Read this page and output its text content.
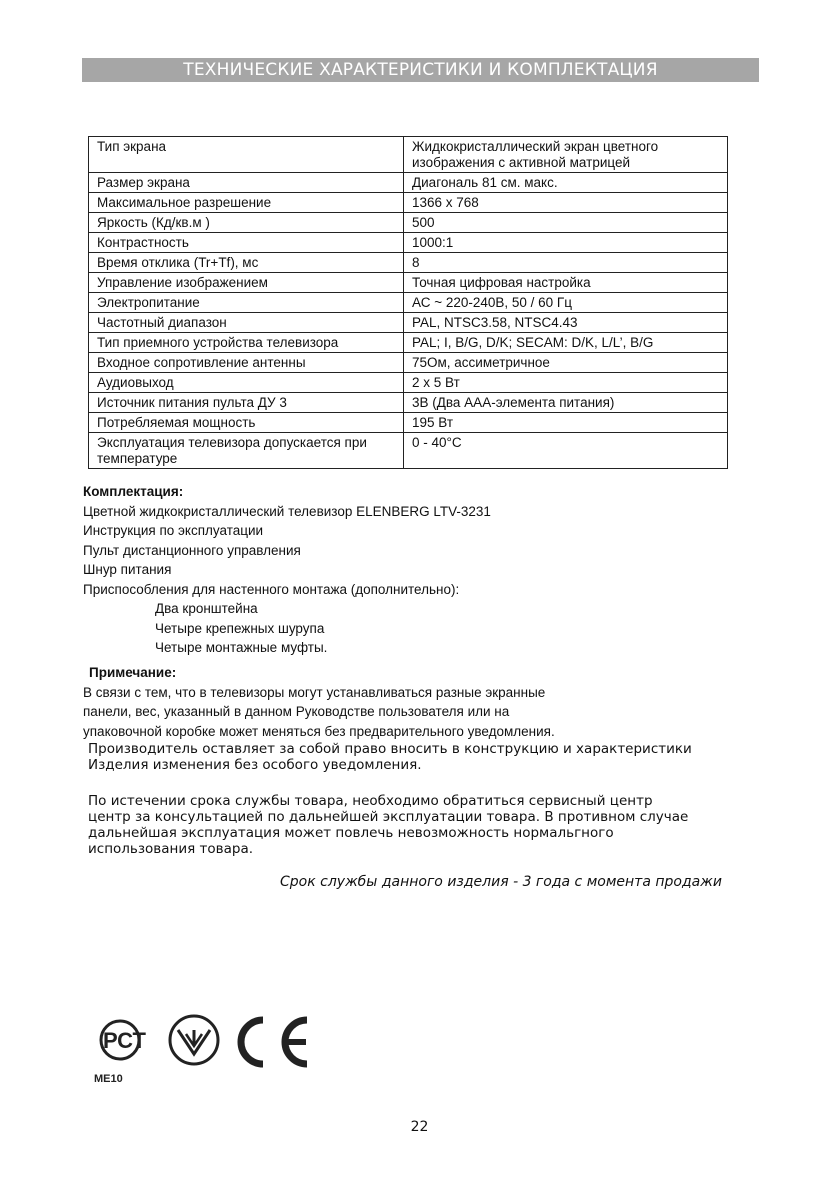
ТЕХНИЧЕСКИЕ ХАРАКТЕРИСТИКИ И КОМПЛЕКТАЦИЯ
Тип экрана	Жидкокристаллический экран цветного изображения с активной матрицей
Размер экрана	Диагональ 81 см. макс.
Максимальное разрешение	1366 х 768
Яркость (Кд/кв.м )	500
Контрастность	1000:1
Время отклика (Tr+Tf), мс	8
Управление изображением	Точная цифровая настройка
Электропитание	АС ~ 220-240В, 50 / 60 Гц
Частотный диапазон	PAL, NTSC3.58, NTSC4.43
Тип приемного устройства телевизора	PAL; I, B/G, D/K; SECAM: D/K, L/L’, B/G
Входное сопротивление антенны	75Ом, ассиметричное
Аудиовыход	2 х 5 Вт
Источник питания пульта ДУ 3	3В (Два ААА-элемента питания)
Потребляемая мощность	195 Вт
Эксплуатация телевизора допускается при температуре	0 - 40°С
Комплектация:
Цветной жидкокристаллический телевизор ELENBERG LTV-3231
Инструкция по эксплуатации
Пульт дистанционного управления
Шнур питания
Приспособления для настенного монтажа (дополнительно):
Два кронштейна
Четыре крепежных шурупа
Четыре монтажные муфты.
Примечание:
В связи с тем, что в телевизоры могут устанавливаться разные экранные
панели, вес, указанный в данном Руководстве пользователя или на
упаковочной коробке может меняться без предварительного уведомления.
Производитель оставляет за собой право вносить в конструкцию и характеристики
Изделия изменения без особого уведомления.
По истечении срока службы товара, необходимо обратиться сервисный центр
центр за консультацией по дальнейшей эксплуатации товара. В противном случае
дальнейшая эксплуатация может повлечь невозможность нормальгного
использования товара.
Срок службы данного изделия - 3 года с момента продажи
РСТ
МЕ10
22
